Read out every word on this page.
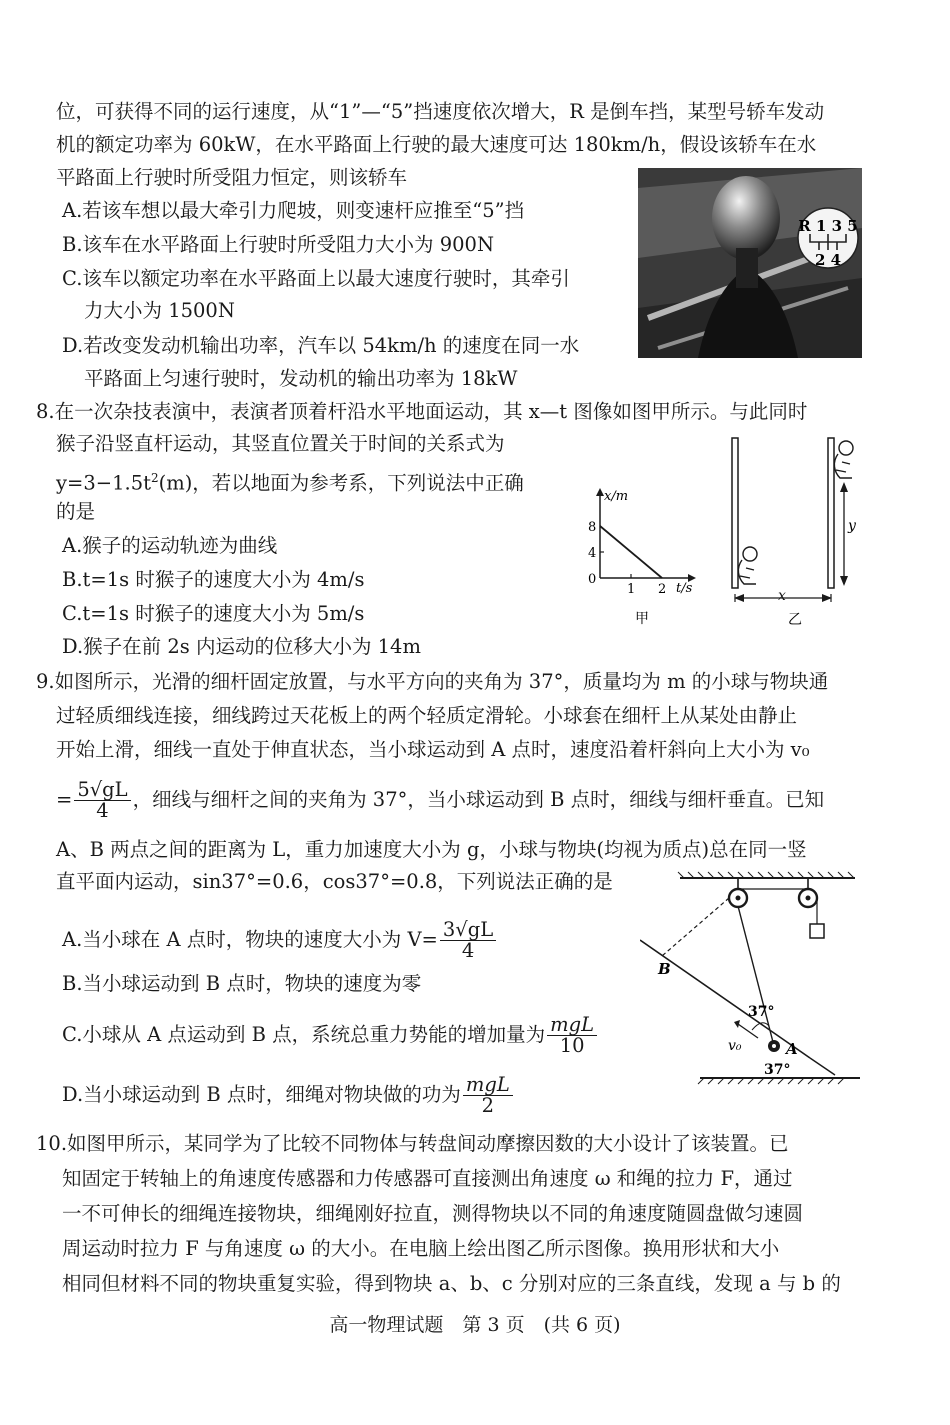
位，可获得不同的运行速度，从“1”—“5”挡速度依次增大，R 是倒车挡，某型号轿车发动
机的额定功率为 60kW，在水平路面上行驶的最大速度可达 180km/h，假设该轿车在水
平路面上行驶时所受阻力恒定，则该轿车
A.若该车想以最大牵引力爬坡，则变速杆应推至“5”挡
B.该车在水平路面上行驶时所受阻力大小为 900N
C.该车以额定功率在水平路面上以最大速度行驶时，其牵引
力大小为 1500N
D.若改变发动机输出功率，汽车以 54km/h 的速度在同一水
平路面上匀速行驶时，发动机的输出功率为 18kW
R 1 3 5
2 4
8.在一次杂技表演中，表演者顶着杆沿水平地面运动，其 x—t 图像如图甲所示。与此同时
猴子沿竖直杆运动，其竖直位置关于时间的关系式为
$y=3-1.5t^2(m)$，若以地面为参考系，下列说法中正确
的是
A.猴子的运动轨迹为曲线
B.t=1s 时猴子的速度大小为 4m/s
C.t=1s 时猴子的速度大小为 5m/s
D.猴子在前 2s 内运动的位移大小为 14m
x/m
t/s
8
4
0
1 2
甲
y
x
乙
9.如图所示，光滑的细杆固定放置，与水平方向的夹角为 37°，质量均为 m 的小球与物块通
过轻质细线连接，细线跨过天花板上的两个轻质定滑轮。小球套在细杆上从某处由静止
开始上滑，细线一直处于伸直状态，当小球运动到 A 点时，速度沿着杆斜向上大小为 v₀
= $\frac{5√gL}{4}$ ，细线与细杆之间的夹角为 37°，当小球运动到 B 点时，细线与细杆垂直。已知
A、B 两点之间的距离为 L，重力加速度大小为 g，小球与物块(均视为质点)总在同一竖
直平面内运动，sin37°=0.6，cos37°=0.8，下列说法正确的是
A.当小球在 A 点时，物块的速度大小为 $V= \frac{3√gL}{4}$
B.当小球运动到 B 点时，物块的速度为零
C.小球从 A 点运动到 B 点，系统总重力势能的增加量为 $\frac{\text{mgL}}{10}$
D.当小球运动到 B 点时，细绳对物块做的功为 $\frac{\text{mgL}}{2}$
B
A
37°
37°
v₀
10.如图甲所示，某同学为了比较不同物体与转盘间动摩擦因数的大小设计了该装置。已
知固定于转轴上的角速度传感器和力传感器可直接测出角速度 ω 和绳的拉力 F，通过
一不可伸长的细绳连接物块，细绳刚好拉直，测得物块以不同的角速度随圆盘做匀速圆
周运动时拉力 F 与角速度 ω 的大小。在电脑上绘出图乙所示图像。换用形状和大小
相同但材料不同的物块重复实验，得到物块 a、b、c 分别对应的三条直线，发现 a 与 b 的
高一物理试题　第 3 页　(共 6 页)
